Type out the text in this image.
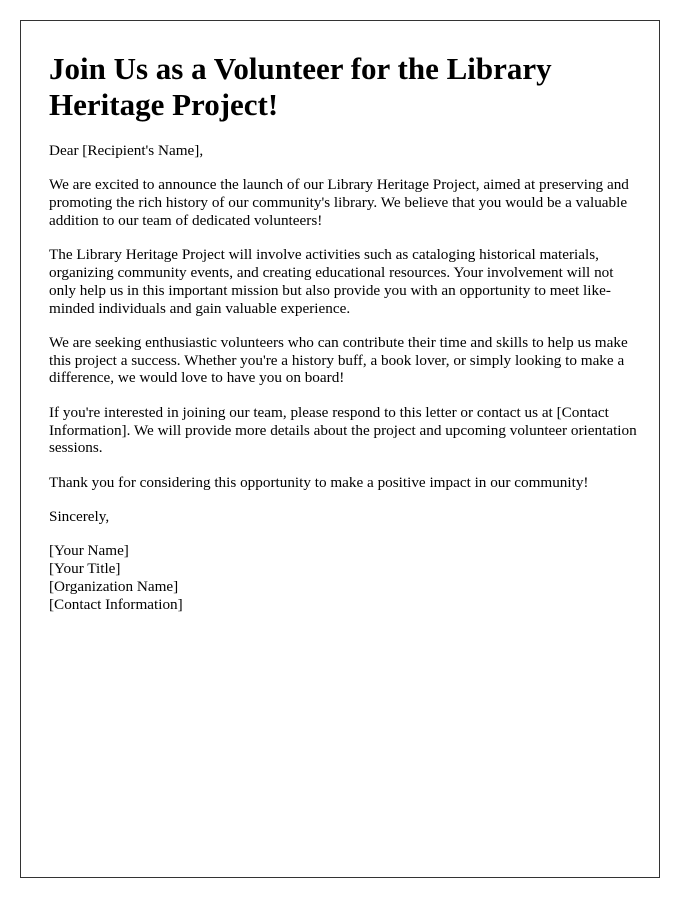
Join Us as a Volunteer for the Library Heritage Project!

Dear [Recipient's Name],

We are excited to announce the launch of our Library Heritage Project, aimed at preserving and promoting the rich history of our community's library. We believe that you would be a valuable addition to our team of dedicated volunteers!

The Library Heritage Project will involve activities such as cataloging historical materials, organizing community events, and creating educational resources. Your involvement will not only help us in this important mission but also provide you with an opportunity to meet like-minded individuals and gain valuable experience.

We are seeking enthusiastic volunteers who can contribute their time and skills to help us make this project a success. Whether you're a history buff, a book lover, or simply looking to make a difference, we would love to have you on board!

If you're interested in joining our team, please respond to this letter or contact us at [Contact Information]. We will provide more details about the project and upcoming volunteer orientation sessions.

Thank you for considering this opportunity to make a positive impact in our community!

Sincerely,

[Your Name]

[Your Title]

[Organization Name]

[Contact Information]
